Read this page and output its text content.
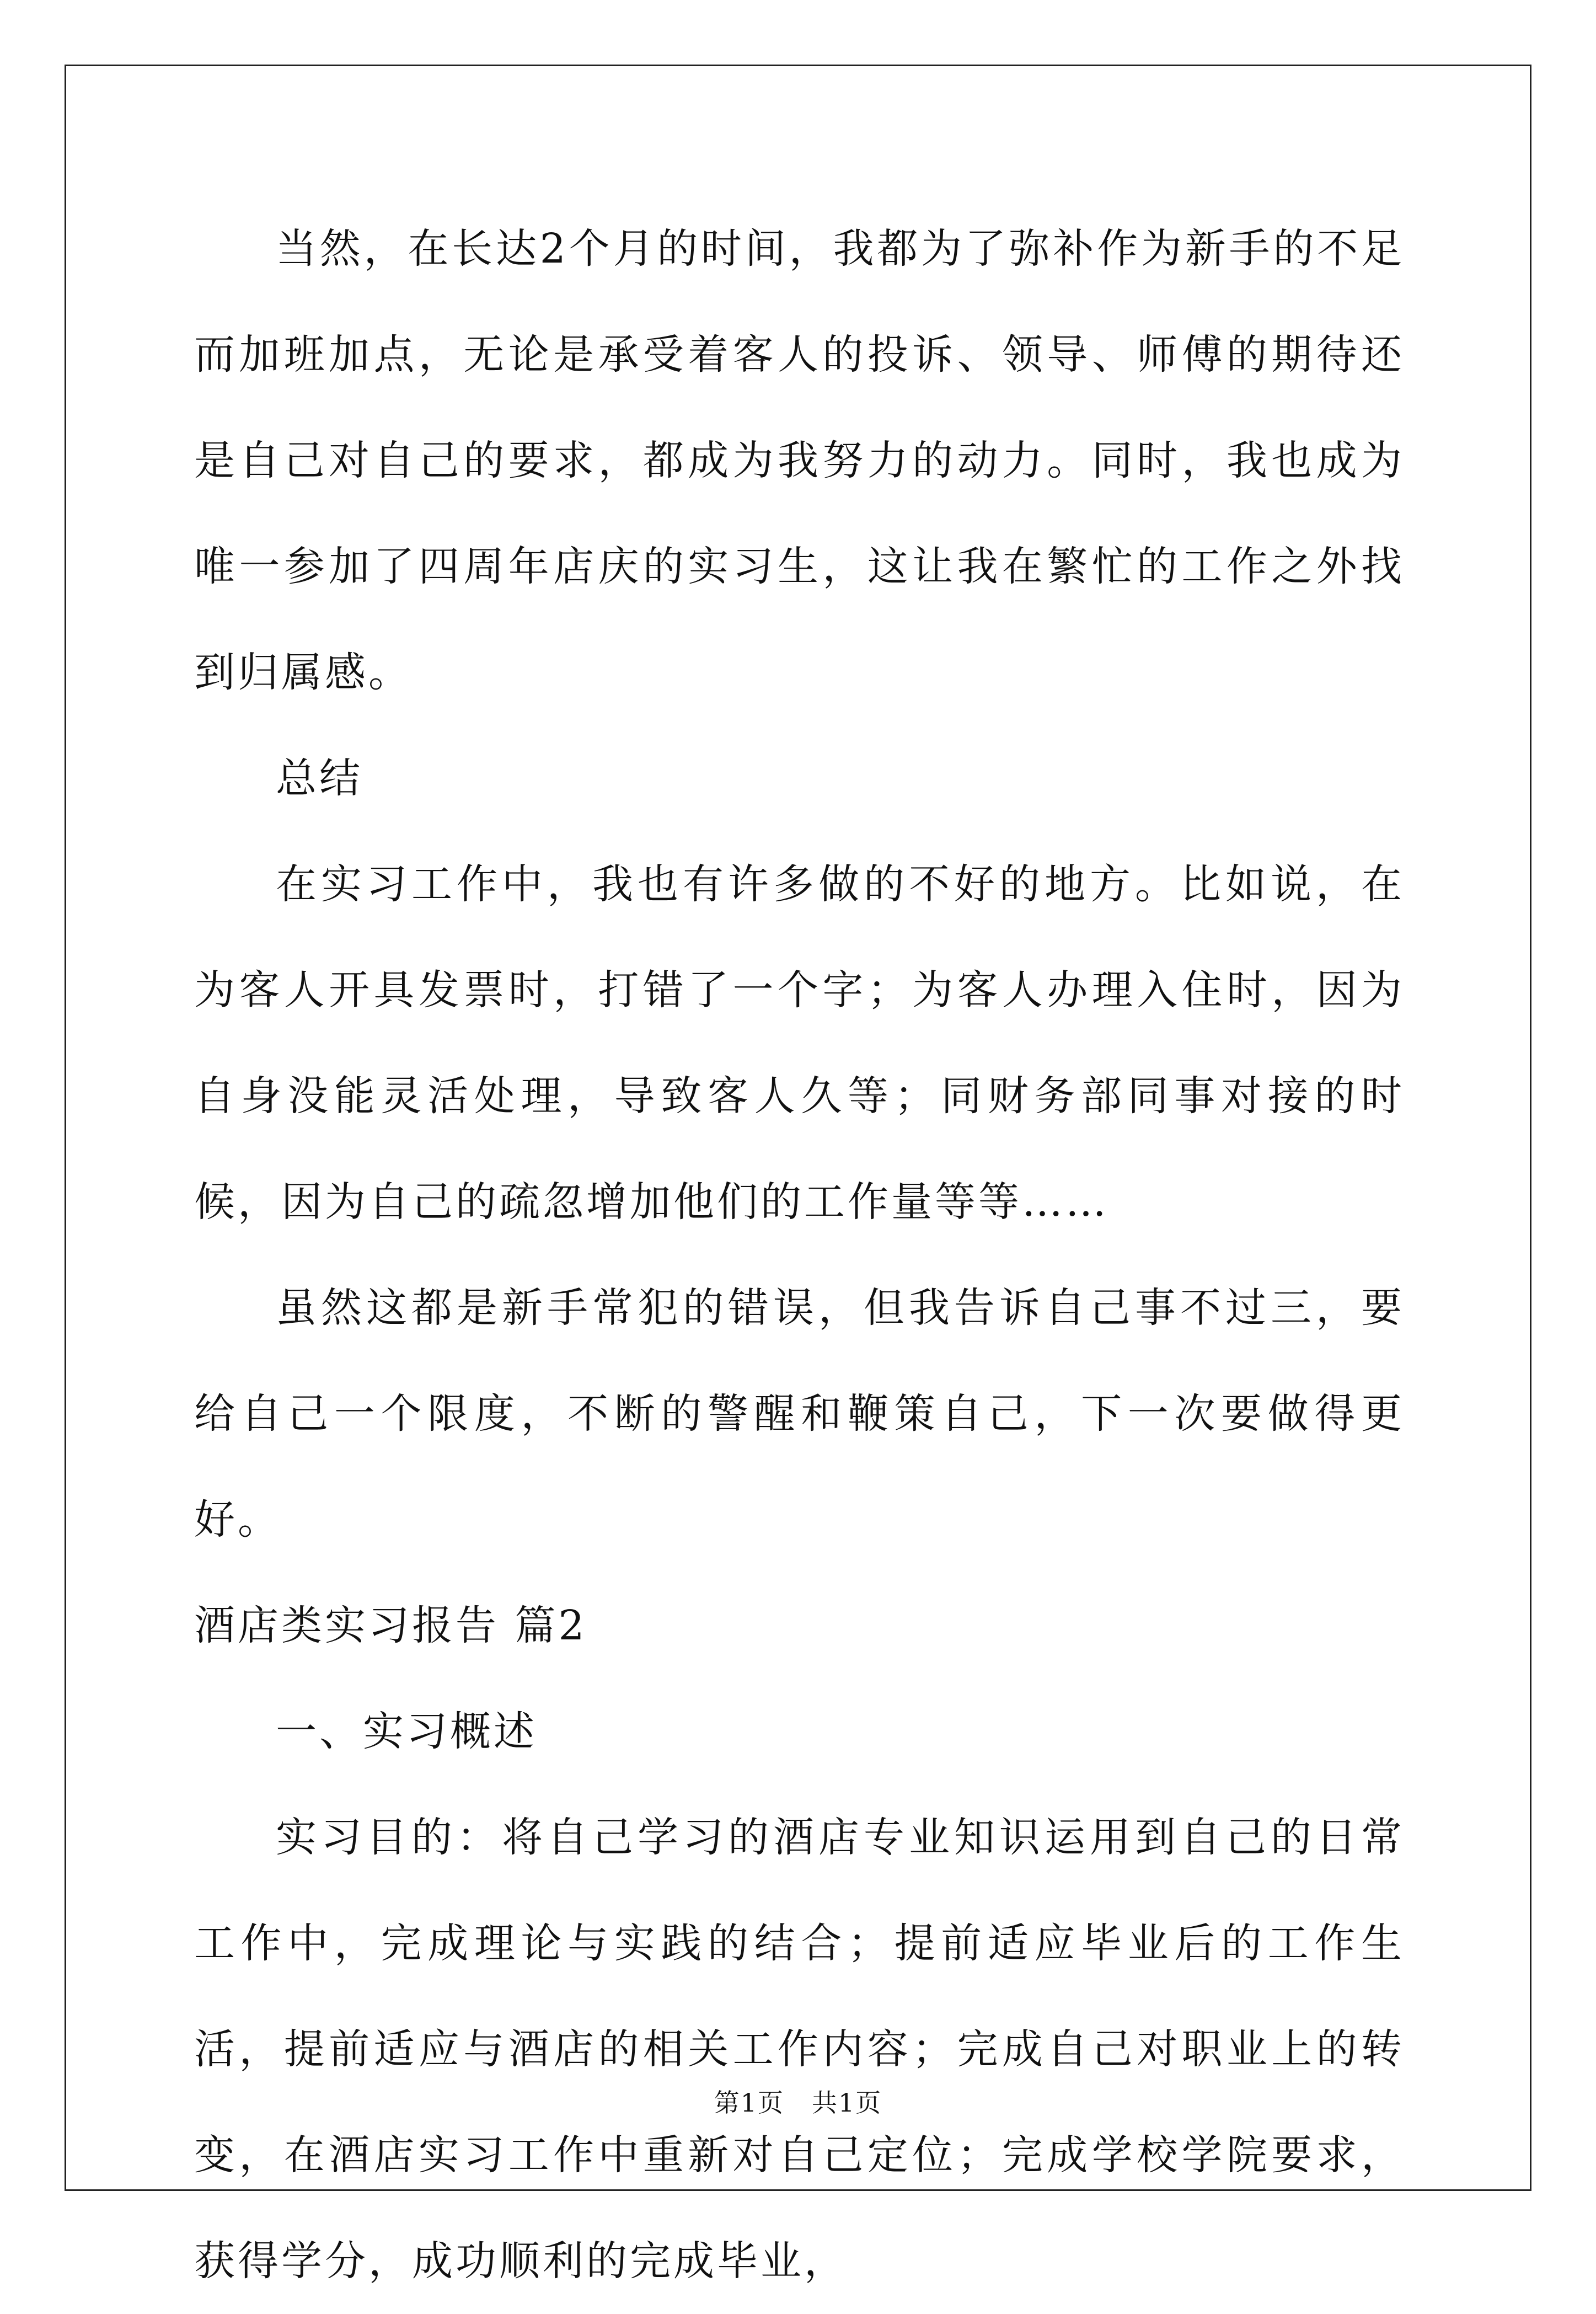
当然，在长达2个月的时间，我都为了弥补作为新手的不足而加班加点，无论是承受着客人的投诉、领导、师傅的期待还是自己对自己的要求，都成为我努力的动力。同时，我也成为唯一参加了四周年店庆的实习生，这让我在繁忙的工作之外找到归属感。

总结

在实习工作中，我也有许多做的不好的地方。比如说，在为客人开具发票时，打错了一个字；为客人办理入住时，因为自身没能灵活处理，导致客人久等；同财务部同事对接的时候，因为自己的疏忽增加他们的工作量等等……

虽然这都是新手常犯的错误，但我告诉自己事不过三，要给自己一个限度，不断的警醒和鞭策自己，下一次要做得更好。

酒店类实习报告 篇2

一、实习概述

实习目的：将自己学习的酒店专业知识运用到自己的日常工作中，完成理论与实践的结合；提前适应毕业后的工作生活，提前适应与酒店的相关工作内容；完成自己对职业上的转变，在酒店实习工作中重新对自己定位；完成学校学院要求，获得学分，成功顺利的完成毕业，

第1页 共1页
